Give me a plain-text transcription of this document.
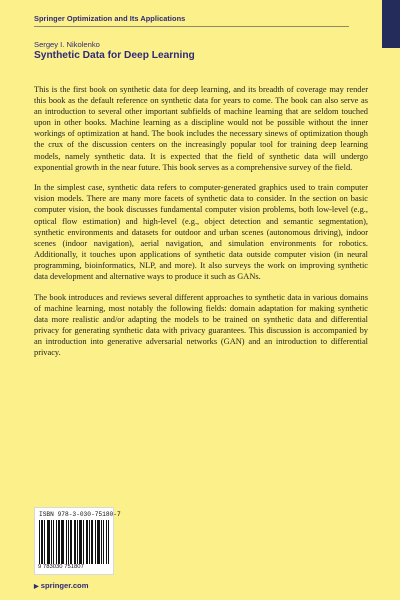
Springer Optimization and Its Applications
Sergey I. Nikolenko
Synthetic Data for Deep Learning

This is the first book on synthetic data for deep learning, and its breadth of coverage may render this book as the default reference on synthetic data for years to come. The book can also serve as an introduction to several other important subfields of machine learning that are seldom touched upon in other books. Machine learning as a discipline would not be possible without the inner workings of optimization at hand. The book includes the necessary sinews of optimization though the crux of the discussion centers on the increasingly popular tool for training deep learning models, namely synthetic data. It is expected that the field of synthetic data will undergo exponential growth in the near future. This book serves as a comprehensive survey of the field.

In the simplest case, synthetic data refers to computer-generated graphics used to train computer vision models. There are many more facets of synthetic data to consider. In the section on basic computer vision, the book discusses fundamental computer vision problems, both low-level (e.g., optical flow estimation) and high-level (e.g., object detection and semantic segmentation), synthetic environments and datasets for outdoor and urban scenes (autonomous driving), indoor scenes (indoor navigation), aerial navigation, and simulation environments for robotics. Additionally, it touches upon applications of synthetic data outside computer vision (in neural programming, bioinformatics, NLP, and more). It also surveys the work on improving synthetic data development and alternative ways to produce it such as GANs.

The book introduces and reviews several different approaches to synthetic data in various domains of machine learning, most notably the following fields: domain adaptation for making synthetic data more realistic and/or adapting the models to be trained on synthetic data and differential privacy for generating synthetic data with privacy guarantees. This discussion is accompanied by an introduction into generative adversarial networks (GAN) and an introduction to differential privacy.

ISBN 978-3-030-75180-7
9 783030 751807
▶ springer.com
